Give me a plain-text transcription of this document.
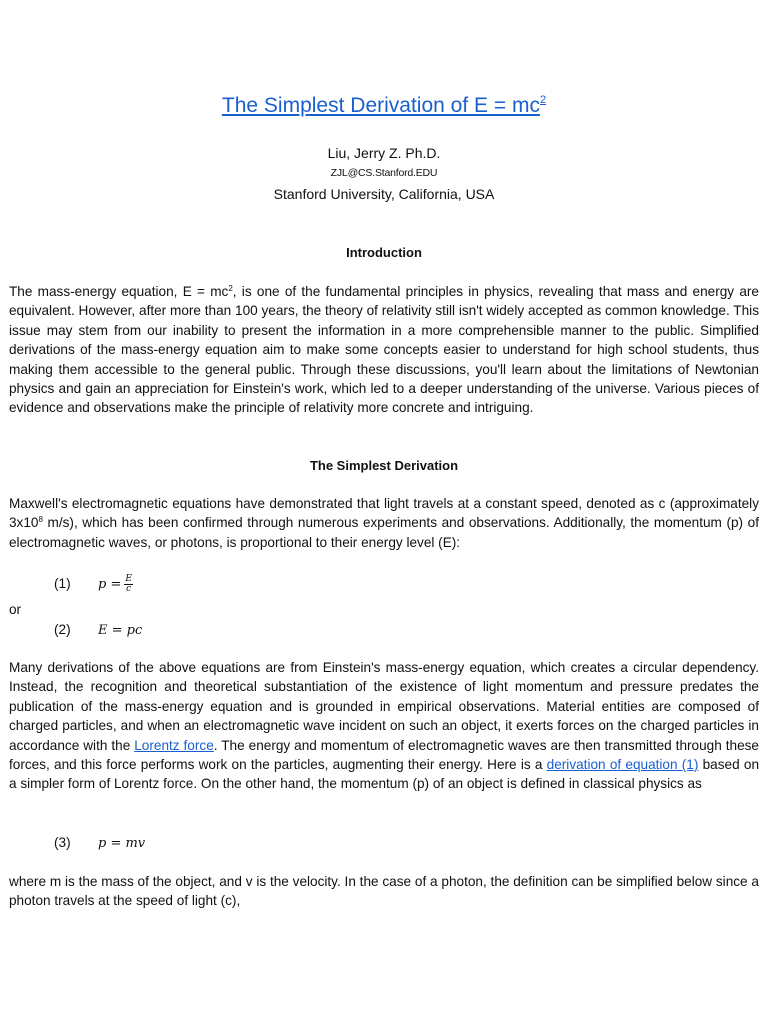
The Simplest Derivation of $E = mc^2$
Liu, Jerry Z. Ph.D.
ZJL@CS.Stanford.EDU
Stanford University, California, USA
Introduction
The mass-energy equation, $E = mc^2$, is one of the fundamental principles in physics, revealing that mass and energy are equivalent. However, after more than 100 years, the theory of relativity still isn't widely accepted as common knowledge. This issue may stem from our inability to present the information in a more comprehensible manner to the public. Simplified derivations of the mass-energy equation aim to make some concepts easier to understand for high school students, thus making them accessible to the general public. Through these discussions, you'll learn about the limitations of Newtonian physics and gain an appreciation for Einstein's work, which led to a deeper understanding of the universe. Various pieces of evidence and observations make the principle of relativity more concrete and intriguing.
The Simplest Derivation
Maxwell's electromagnetic equations have demonstrated that light travels at a constant speed, denoted as c (approximately $3x10^8$ m/s), which has been confirmed through numerous experiments and observations. Additionally, the momentum (p) of electromagnetic waves, or photons, is proportional to their energy level (E):
(1) $p = \frac{E}{c}$
or
(2) E = pc
Many derivations of the above equations are from Einstein's mass-energy equation, which creates a circular dependency. Instead, the recognition and theoretical substantiation of the existence of light momentum and pressure predates the publication of the mass-energy equation and is grounded in empirical observations. Material entities are composed of charged particles, and when an electromagnetic wave incident on such an object, it exerts forces on the charged particles in accordance with the Lorentz force. The energy and momentum of electromagnetic waves are then transmitted through these forces, and this force performs work on the particles, augmenting their energy. Here is a derivation of equation (1) based on a simpler form of Lorentz force. On the other hand, the momentum (p) of an object is defined in classical physics as
(3) p = mv
where m is the mass of the object, and v is the velocity. In the case of a photon, the definition can be simplified below since a photon travels at the speed of light (c),
